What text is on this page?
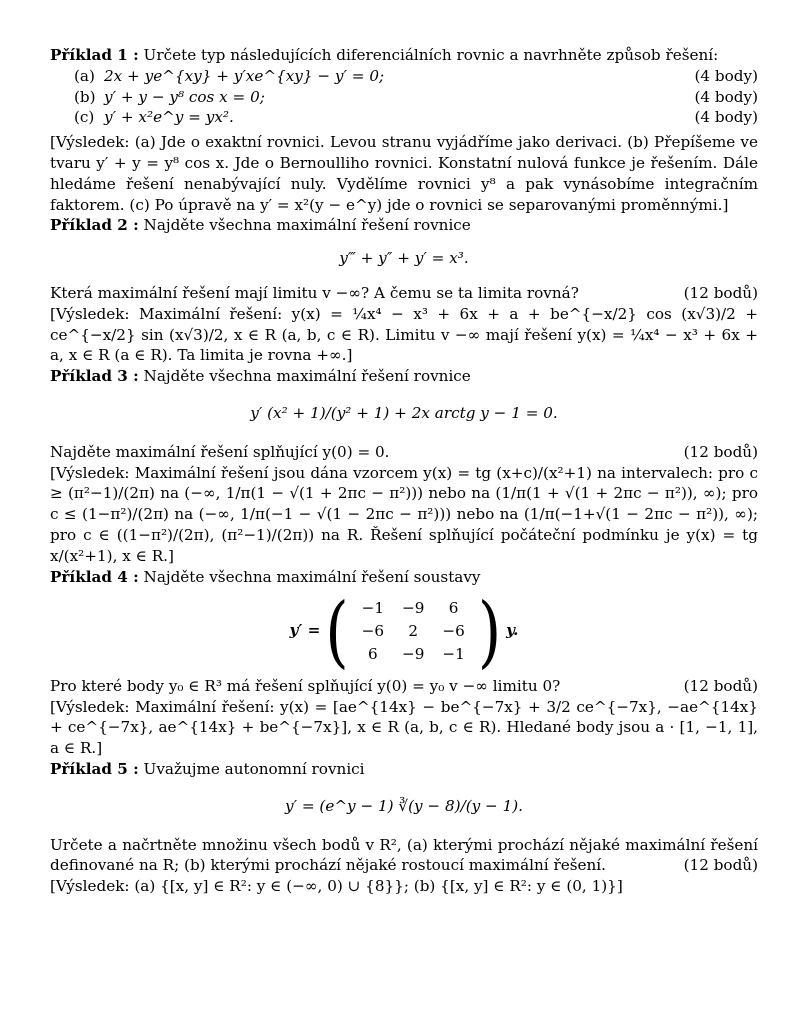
Příklad 1 : Určete typ následujících diferenciálních rovnic a navrhněte způsob řešení:
(a) 2x + ye^{xy} + y′xe^{xy} − y′ = 0;	(4 body)
(b) y′ + y − y⁸ cos x = 0;	(4 body)
(c) y′ + x²e^y = yx².	(4 body)
[Výsledek: (a) Jde o exaktní rovnici. Levou stranu vyjádříme jako derivaci. (b) Přepíšeme ve tvaru y′ + y = y⁸ cos x. Jde o Bernoulliho rovnici. Konstatní nulová funkce je řešením. Dále hledáme řešení nenabývající nuly. Vydělíme rovnici y⁸ a pak vynásobíme integračním faktorem. (c) Po úpravě na y′ = x²(y − e^y) jde o rovnici se separovanými proměnnými.]
Příklad 2 : Najděte všechna maximální řešení rovnice
y‴ + y″ + y′ = x³.
Která maximální řešení mají limitu v −∞? A čemu se ta limita rovná?	(12 bodů)
[Výsledek: Maximální řešení: y(x) = ¼x⁴ − x³ + 6x + a + be^{−x/2} cos (x√3)/2 + ce^{−x/2} sin (x√3)/2, x ∈ R (a, b, c ∈ R). Limitu v −∞ mají řešení y(x) = ¼x⁴ − x³ + 6x + a, x ∈ R (a ∈ R). Ta limita je rovna +∞.]
Příklad 3 : Najděte všechna maximální řešení rovnice
y′ (x² + 1)/(y² + 1) + 2x arctg y − 1 = 0.
Najděte maximální řešení splňující y(0) = 0.	(12 bodů)
[Výsledek: Maximální řešení jsou dána vzorcem y(x) = tg (x+c)/(x²+1) na intervalech: pro c ≥ (π²−1)/(2π) na (−∞, 1/π(1 − √(1 + 2πc − π²))) nebo na (1/π(1 + √(1 + 2πc − π²)), ∞); pro c ≤ (1−π²)/(2π) na (−∞, 1/π(−1 − √(1 − 2πc − π²))) nebo na (1/π(−1+√(1 − 2πc − π²)), ∞); pro c ∈ ((1−π²)/(2π), (π²−1)/(2π)) na R. Řešení splňující počáteční podmínku je y(x) = tg x/(x²+1), x ∈ R.]
Příklad 4 : Najděte všechna maximální řešení soustavy
y′ = ( −1	−9	6
−6	2	−6
6	−9	−1 ) y.
Pro které body y₀ ∈ R³ má řešení splňující y(0) = y₀ v −∞ limitu 0?	(12 bodů)
[Výsledek: Maximální řešení: y(x) = [ae^{14x} − be^{−7x} + 3/2 ce^{−7x}, −ae^{14x} + ce^{−7x}, ae^{14x} + be^{−7x}], x ∈ R (a, b, c ∈ R). Hledané body jsou a · [1, −1, 1], a ∈ R.]
Příklad 5 : Uvažujme autonomní rovnici
y′ = (e^y − 1) ∛(y − 8)/(y − 1).
Určete a načrtněte množinu všech bodů v R², (a) kterými prochází nějaké maximální řešení definované na R; (b) kterými prochází nějaké rostoucí maximální řešení.	(12 bodů)
[Výsledek: (a) {[x, y] ∈ R²: y ∈ (−∞, 0) ∪ {8}}; (b) {[x, y] ∈ R²: y ∈ (0, 1)}]
